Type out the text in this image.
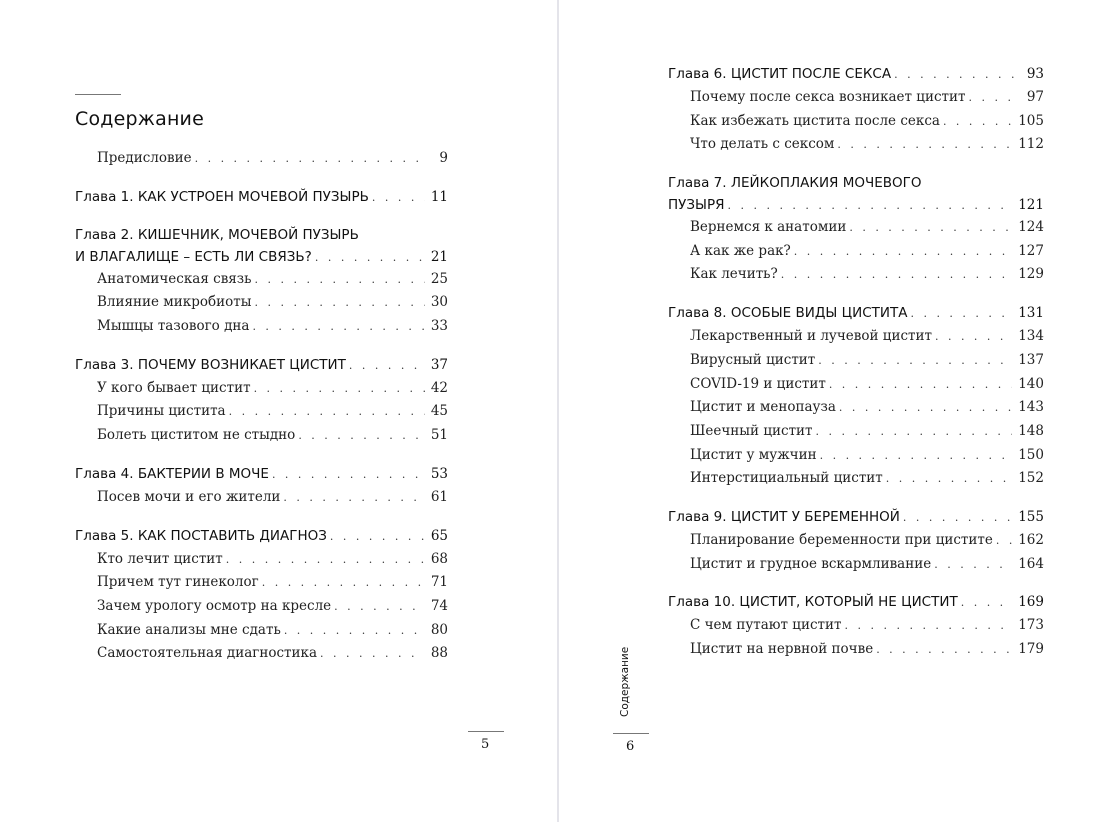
Содержание
Предисловие . . .	9
Глава 1. КАК УСТРОЕН МОЧЕВОЙ ПУЗЫРЬ . . .	11
Глава 2. КИШЕЧНИК, МОЧЕВОЙ ПУЗЫРЬ
И ВЛАГАЛИЩЕ – ЕСТЬ ЛИ СВЯЗЬ? . . .	21
Анатомическая связь . . .	25
Влияние микробиоты . . .	30
Мышцы тазового дна . . .	33
Глава 3. ПОЧЕМУ ВОЗНИКАЕТ ЦИСТИТ . . .	37
У кого бывает цистит . . .	42
Причины цистита . . .	45
Болеть циститом не стыдно . . .	51
Глава 4. БАКТЕРИИ В МОЧЕ . . .	53
Посев мочи и его жители . . .	61
Глава 5. КАК ПОСТАВИТЬ ДИАГНОЗ . . .	65
Кто лечит цистит . . .	68
Причем тут гинеколог . . .	71
Зачем урологу осмотр на кресле . . .	74
Какие анализы мне сдать . . .	80
Самостоятельная диагностика . . .	88
5
Глава 6. ЦИСТИТ ПОСЛЕ СЕКСА . . .	93
Почему после секса возникает цистит . . .	97
Как избежать цистита после секса . . .	105
Что делать с сексом . . .	112
Глава 7. ЛЕЙКОПЛАКИЯ МОЧЕВОГО
ПУЗЫРЯ . . .	121
Вернемся к анатомии . . .	124
А как же рак? . . .	127
Как лечить? . . .	129
Глава 8. ОСОБЫЕ ВИДЫ ЦИСТИТА . . .	131
Лекарственный и лучевой цистит . . .	134
Вирусный цистит . . .	137
COVID-19 и цистит . . .	140
Цистит и менопауза . . .	143
Шеечный цистит . . .	148
Цистит у мужчин . . .	150
Интерстициальный цистит . . .	152
Глава 9. ЦИСТИТ У БЕРЕМЕННОЙ . . .	155
Планирование беременности при цистите . . . 162
Цистит и грудное вскармливание . . .	164
Глава 10. ЦИСТИТ, КОТОРЫЙ НЕ ЦИСТИТ . . .	169
С чем путают цистит . . .	173
Цистит на нервной почве . . .	179
6
Содержание
